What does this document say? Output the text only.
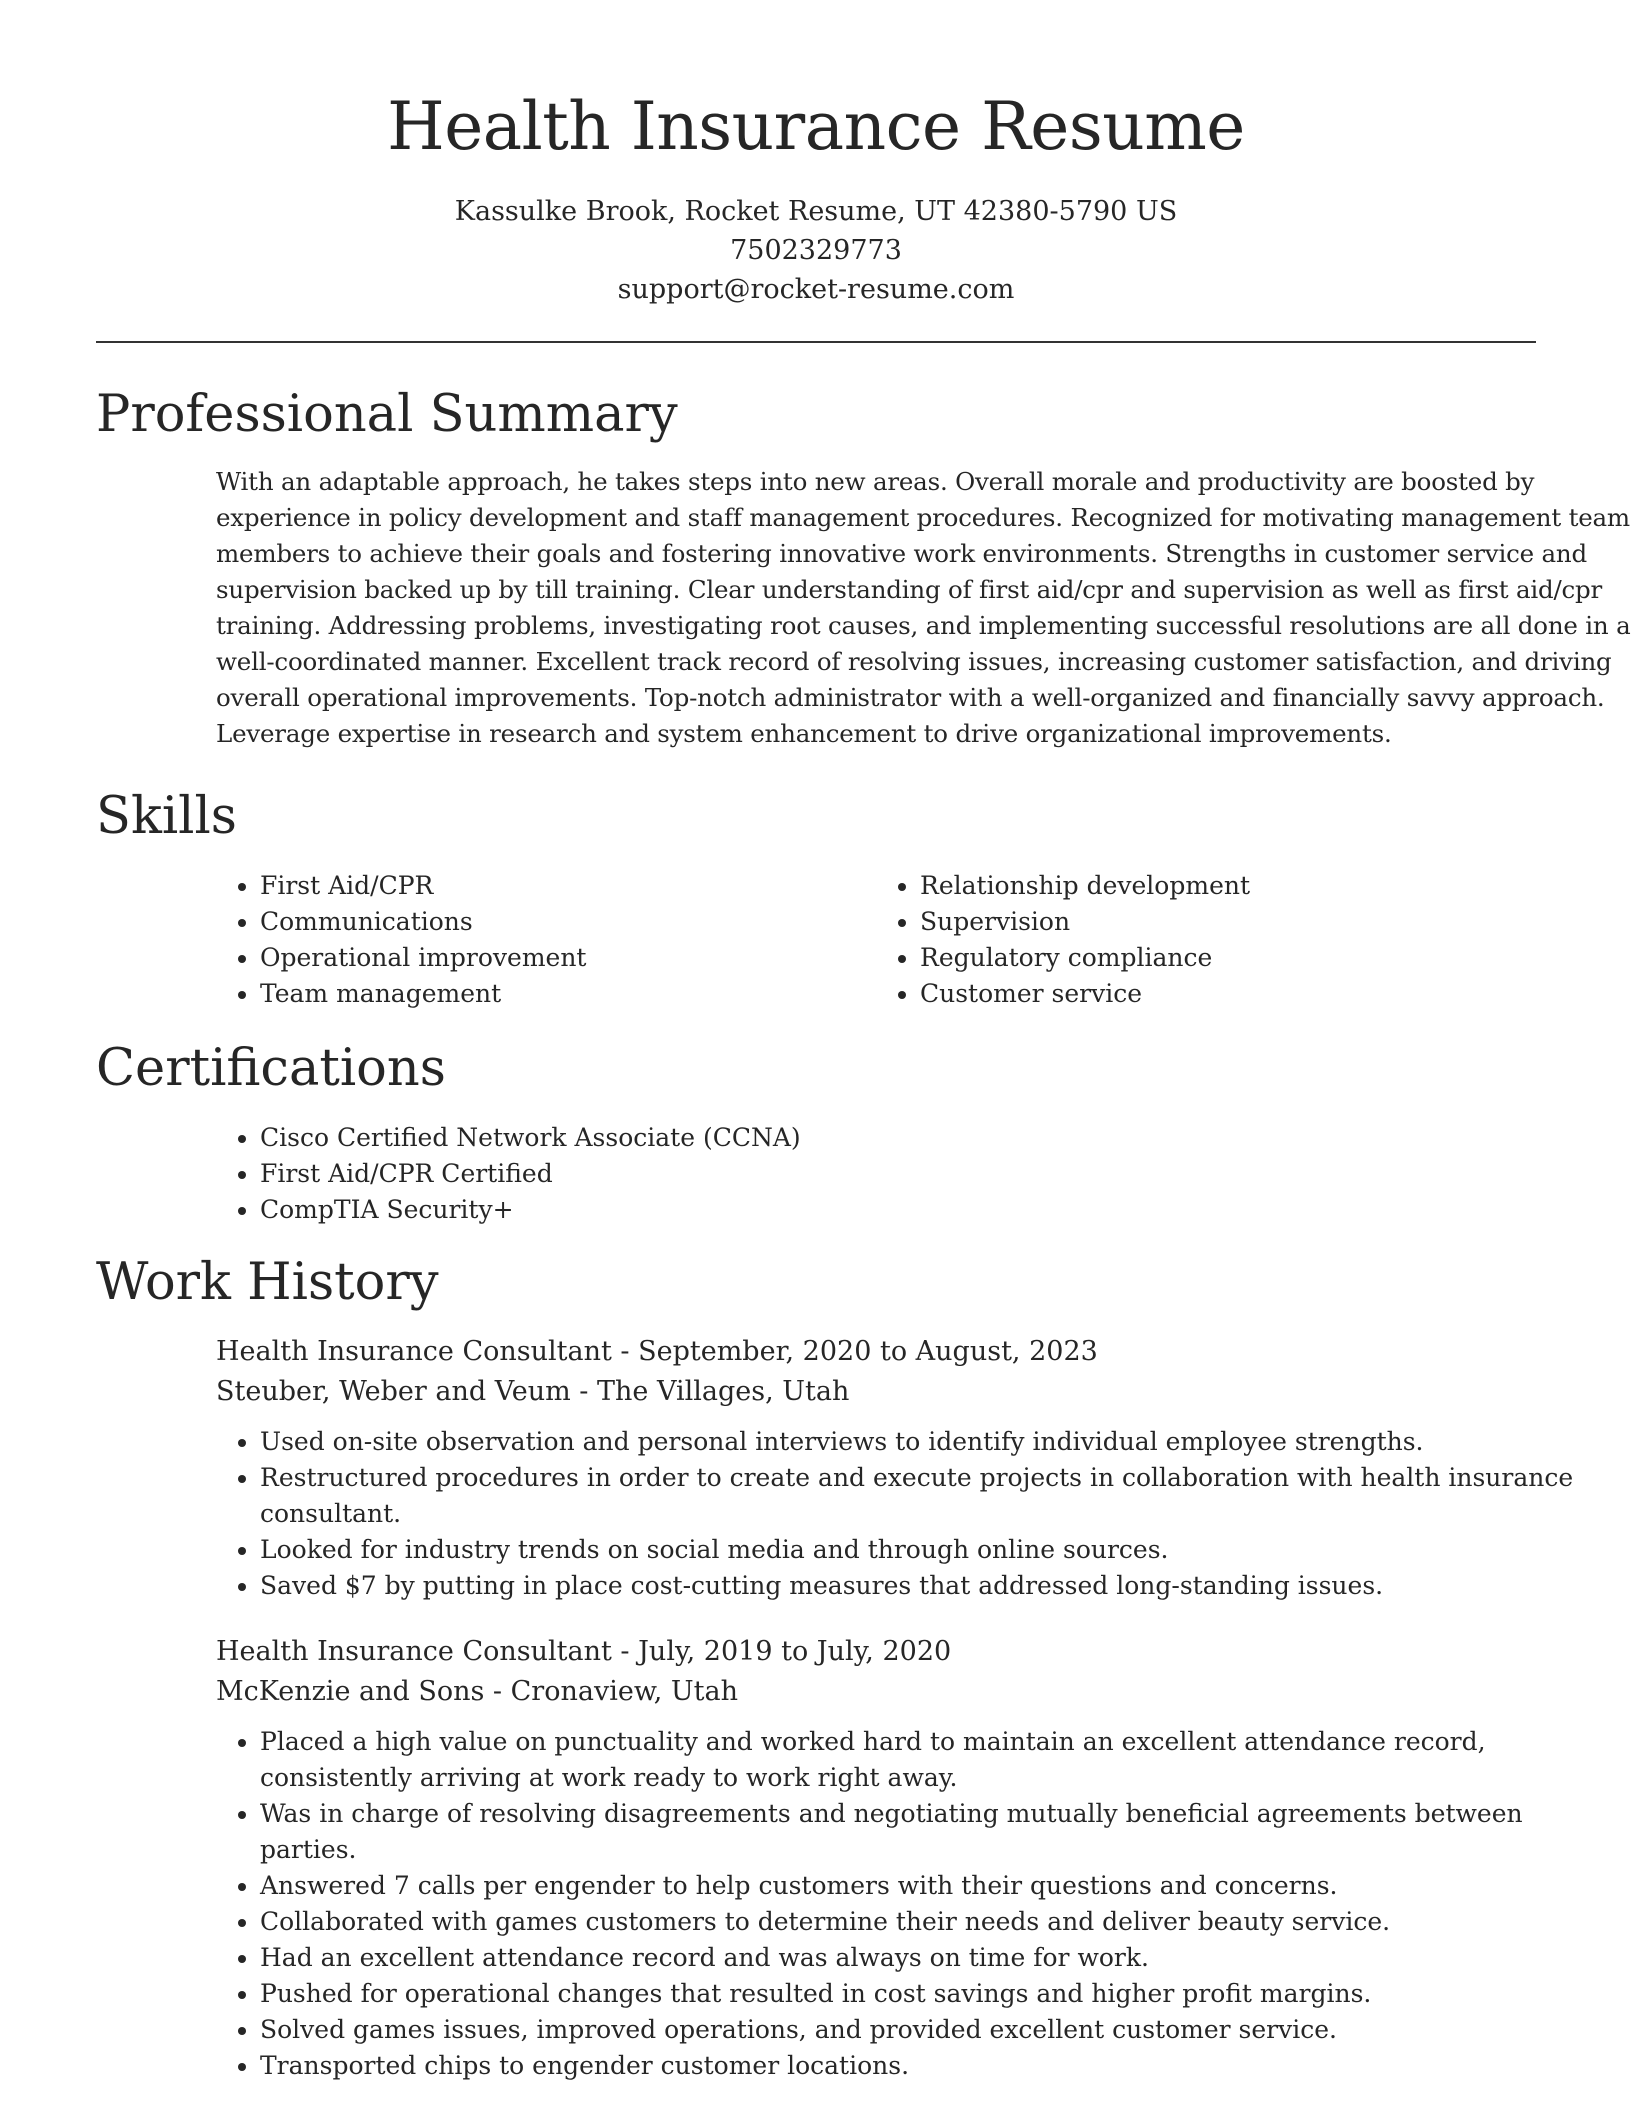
Health Insurance Resume
Kassulke Brook, Rocket Resume, UT 42380-5790 US
7502329773
support@rocket-resume.com
Professional Summary

With an adaptable approach, he takes steps into new areas. Overall morale and productivity are boosted by experience in policy development and staff management procedures. Recognized for motivating management team members to achieve their goals and fostering innovative work environments. Strengths in customer service and supervision backed up by till training. Clear understanding of first aid/cpr and supervision as well as first aid/cpr training. Addressing problems, investigating root causes, and implementing successful resolutions are all done in a well-coordinated manner. Excellent track record of resolving issues, increasing customer satisfaction, and driving overall operational improvements. Top-notch administrator with a well-organized and financially savvy approach. Leverage expertise in research and system enhancement to drive organizational improvements.

Skills
• First Aid/CPR
• Communications
• Operational improvement
• Team management
• Relationship development
• Supervision
• Regulatory compliance
• Customer service
Certifications
• Cisco Certified Network Associate (CCNA)
• First Aid/CPR Certified
• CompTIA Security+
Work History
Health Insurance Consultant - September, 2020 to August, 2023
Steuber, Weber and Veum - The Villages, Utah
• Used on-site observation and personal interviews to identify individual employee strengths.
• Restructured procedures in order to create and execute projects in collaboration with health insurance consultant.
• Looked for industry trends on social media and through online sources.
• Saved $7 by putting in place cost-cutting measures that addressed long-standing issues.
Health Insurance Consultant - July, 2019 to July, 2020
McKenzie and Sons - Cronaview, Utah
• Placed a high value on punctuality and worked hard to maintain an excellent attendance record, consistently arriving at work ready to work right away.
• Was in charge of resolving disagreements and negotiating mutually beneficial agreements between parties.
• Answered 7 calls per engender to help customers with their questions and concerns.
• Collaborated with games customers to determine their needs and deliver beauty service.
• Had an excellent attendance record and was always on time for work.
• Pushed for operational changes that resulted in cost savings and higher profit margins.
• Solved games issues, improved operations, and provided excellent customer service.
• Transported chips to engender customer locations.
